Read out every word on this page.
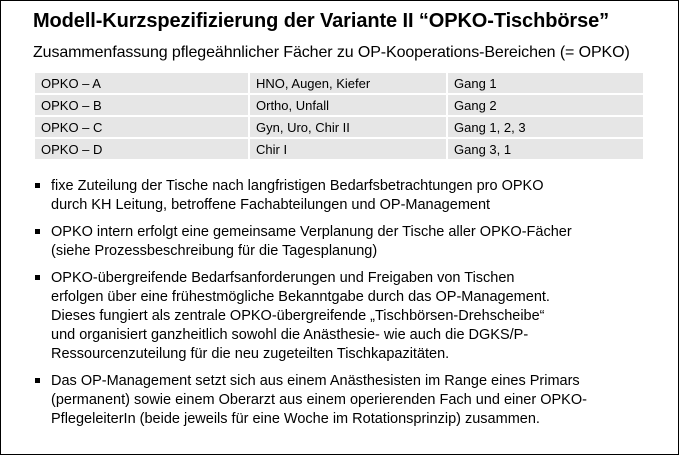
Modell-Kurzspezifizierung der Variante II “OPKO-Tischbörse”
Zusammenfassung pflegeähnlicher Fächer zu OP-Kooperations-Bereichen (= OPKO)
OPKO – A	HNO, Augen, Kiefer	Gang 1
OPKO – B	Ortho, Unfall	Gang 2
OPKO – C	Gyn, Uro, Chir II	Gang 1, 2, 3
OPKO – D	Chir I	Gang 3, 1
fixe Zuteilung der Tische nach langfristigen Bedarfsbetrachtungen pro OPKO
durch KH Leitung, betroffene Fachabteilungen und OP-Management
OPKO intern erfolgt eine gemeinsame Verplanung der Tische aller OPKO-Fächer
(siehe Prozessbeschreibung für die Tagesplanung)
OPKO-übergreifende Bedarfsanforderungen und Freigaben von Tischen
erfolgen über eine frühestmögliche Bekanntgabe durch das OP-Management.
Dieses fungiert als zentrale OPKO-übergreifende „Tischbörsen-Drehscheibe“
und organisiert ganzheitlich sowohl die Anästhesie- wie auch die DGKS/P-
Ressourcenzuteilung für die neu zugeteilten Tischkapazitäten.
Das OP-Management setzt sich aus einem Anästhesisten im Range eines Primars
(permanent) sowie einem Oberarzt aus einem operierenden Fach und einer OPKO-
PflegeleiterIn (beide jeweils für eine Woche im Rotationsprinzip) zusammen.
